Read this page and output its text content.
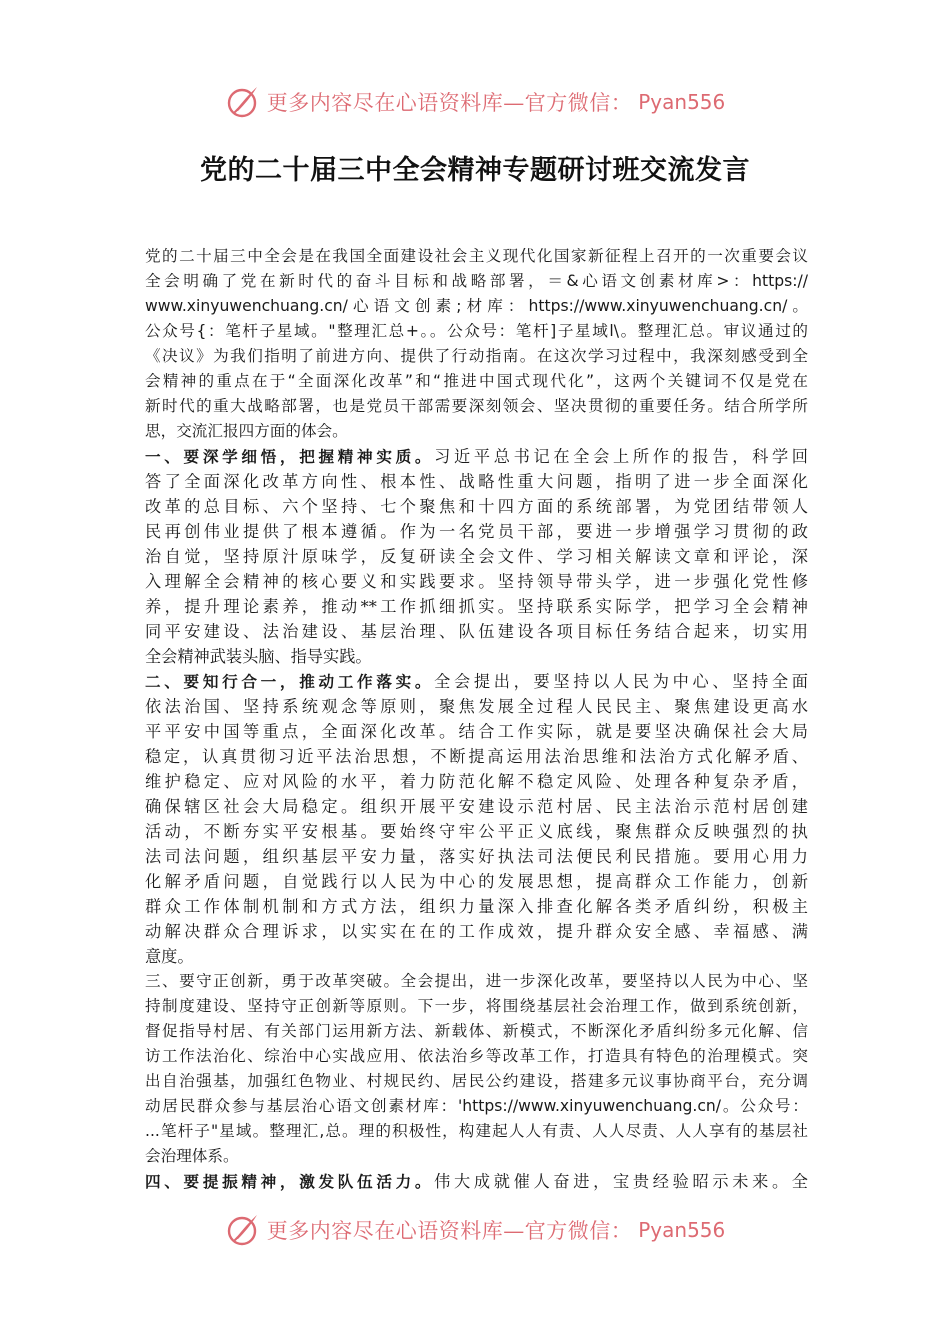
更多内容尽在心语资料库—官方微信： Pyan556
党的二十届三中全会精神专题研讨班交流发言
党的二十届三中全会是在我国全面建设社会主义现代化国家新征程上召开的一次重要会议
全会明确了党在新时代的奋斗目标和战略部署，＝&心语文创素材库>：https://
www.xinyuwenchuang.cn/心语文创素;材库：https://www.xinyuwenchuang.cn/。
公众号{：笔杆子星域。"整理汇总+。。公众号：笔杆]子星域l\。整理汇总。审议通过的
《决议》为我们指明了前进方向、提供了行动指南。在这次学习过程中，我深刻感受到全
会精神的重点在于“全面深化改革”和“推进中国式现代化”，这两个关键词不仅是党在
新时代的重大战略部署，也是党员干部需要深刻领会、坚决贯彻的重要任务。结合所学所
思，交流汇报四方面的体会。
一、要深学细悟，把握精神实质。习近平总书记在全会上所作的报告，科学回
答了全面深化改革方向性、根本性、战略性重大问题，指明了进一步全面深化
改革的总目标、六个坚持、七个聚焦和十四方面的系统部署，为党团结带领人
民再创伟业提供了根本遵循。作为一名党员干部，要进一步增强学习贯彻的政
治自觉，坚持原汁原味学，反复研读全会文件、学习相关解读文章和评论，深
入理解全会精神的核心要义和实践要求。坚持领导带头学，进一步强化党性修
养，提升理论素养，推动**工作抓细抓实。坚持联系实际学，把学习全会精神
同平安建设、法治建设、基层治理、队伍建设各项目标任务结合起来，切实用
全会精神武装头脑、指导实践。
二、要知行合一，推动工作落实。全会提出，要坚持以人民为中心、坚持全面
依法治国、坚持系统观念等原则，聚焦发展全过程人民民主、聚焦建设更高水
平平安中国等重点，全面深化改革。结合工作实际，就是要坚决确保社会大局
稳定，认真贯彻习近平法治思想，不断提高运用法治思维和法治方式化解矛盾、
维护稳定、应对风险的水平，着力防范化解不稳定风险、处理各种复杂矛盾，
确保辖区社会大局稳定。组织开展平安建设示范村居、民主法治示范村居创建
活动，不断夯实平安根基。要始终守牢公平正义底线，聚焦群众反映强烈的执
法司法问题，组织基层平安力量，落实好执法司法便民利民措施。要用心用力
化解矛盾问题，自觉践行以人民为中心的发展思想，提高群众工作能力，创新
群众工作体制机制和方式方法，组织力量深入排查化解各类矛盾纠纷，积极主
动解决群众合理诉求，以实实在在的工作成效，提升群众安全感、幸福感、满
意度。
三、要守正创新，勇于改革突破。全会提出，进一步深化改革，要坚持以人民为中心、坚
持制度建设、坚持守正创新等原则。下一步，将围绕基层社会治理工作，做到系统创新，
督促指导村居、有关部门运用新方法、新载体、新模式，不断深化矛盾纠纷多元化解、信
访工作法治化、综治中心实战应用、依法治乡等改革工作，打造具有特色的治理模式。突
出自治强基，加强红色物业、村规民约、居民公约建设，搭建多元议事协商平台，充分调
动居民群众参与基层治心语文创素材库：'https://www.xinyuwenchuang.cn/。公众号：
...笔杆子"星域。整理汇,总。理的积极性，构建起人人有责、人人尽责、人人享有的基层社
会治理体系。
四、要提振精神，激发队伍活力。伟大成就催人奋进，宝贵经验昭示未来。全
更多内容尽在心语资料库—官方微信： Pyan556
